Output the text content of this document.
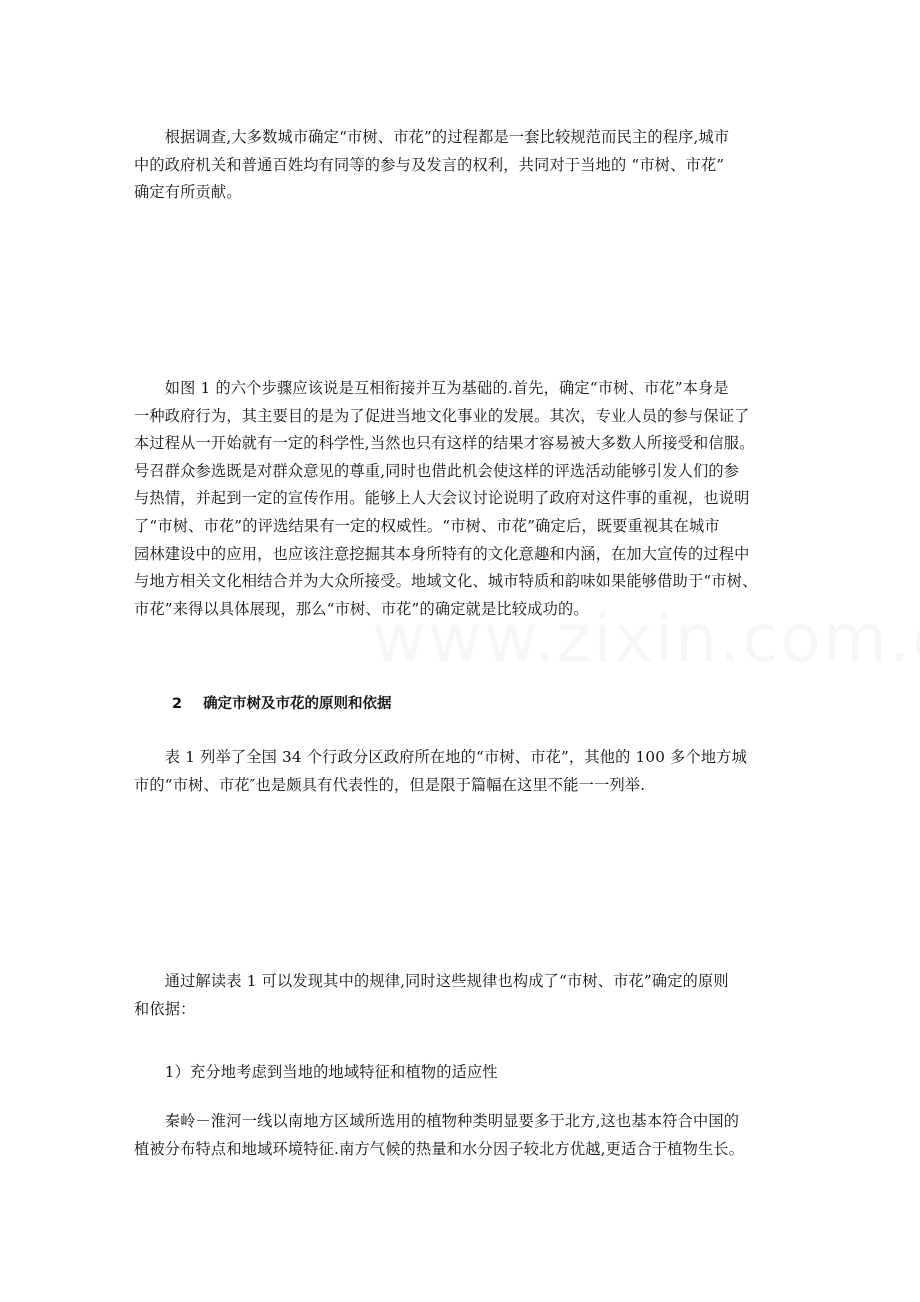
　　根据调查,大多数城市确定“市树、市花”的过程都是一套比较规范而民主的程序,城市
中的政府机关和普通百姓均有同等的参与及发言的权利，共同对于当地的 “市树、市花”
确定有所贡献。
　　如图 1 的六个步骤应该说是互相衔接并互为基础的.首先，确定“市树、市花”本身是
一种政府行为，其主要目的是为了促进当地文化事业的发展。其次，专业人员的参与保证了
本过程从一开始就有一定的科学性,当然也只有这样的结果才容易被大多数人所接受和信服。
号召群众参选既是对群众意见的尊重,同时也借此机会使这样的评选活动能够引发人们的参
与热情，并起到一定的宣传作用。能够上人大会议讨论说明了政府对这件事的重视，也说明
了“市树、市花”的评选结果有一定的权威性。“市树、市花”确定后，既要重视其在城市
园林建设中的应用，也应该注意挖掘其本身所特有的文化意趣和内涵，在加大宣传的过程中
与地方相关文化相结合并为大众所接受。地域文化、城市特质和韵味如果能够借助于“市树、
市花”来得以具体展现，那么“市树、市花”的确定就是比较成功的。
2 确定市树及市花的原则和依据
　　表 1 列举了全国 34 个行政分区政府所在地的“市树、市花”，其他的 100 多个地方城
市的“市树、市花″也是颇具有代表性的，但是限于篇幅在这里不能一一列举.
　　通过解读表 1 可以发现其中的规律,同时这些规律也构成了“市树、市花”确定的原则
和依据：
　　1）充分地考虑到当地的地域特征和植物的适应性
　　秦岭－淮河一线以南地方区域所选用的植物种类明显要多于北方,这也基本符合中国的
植被分布特点和地域环境特征.南方气候的热量和水分因子较北方优越,更适合于植物生长。
